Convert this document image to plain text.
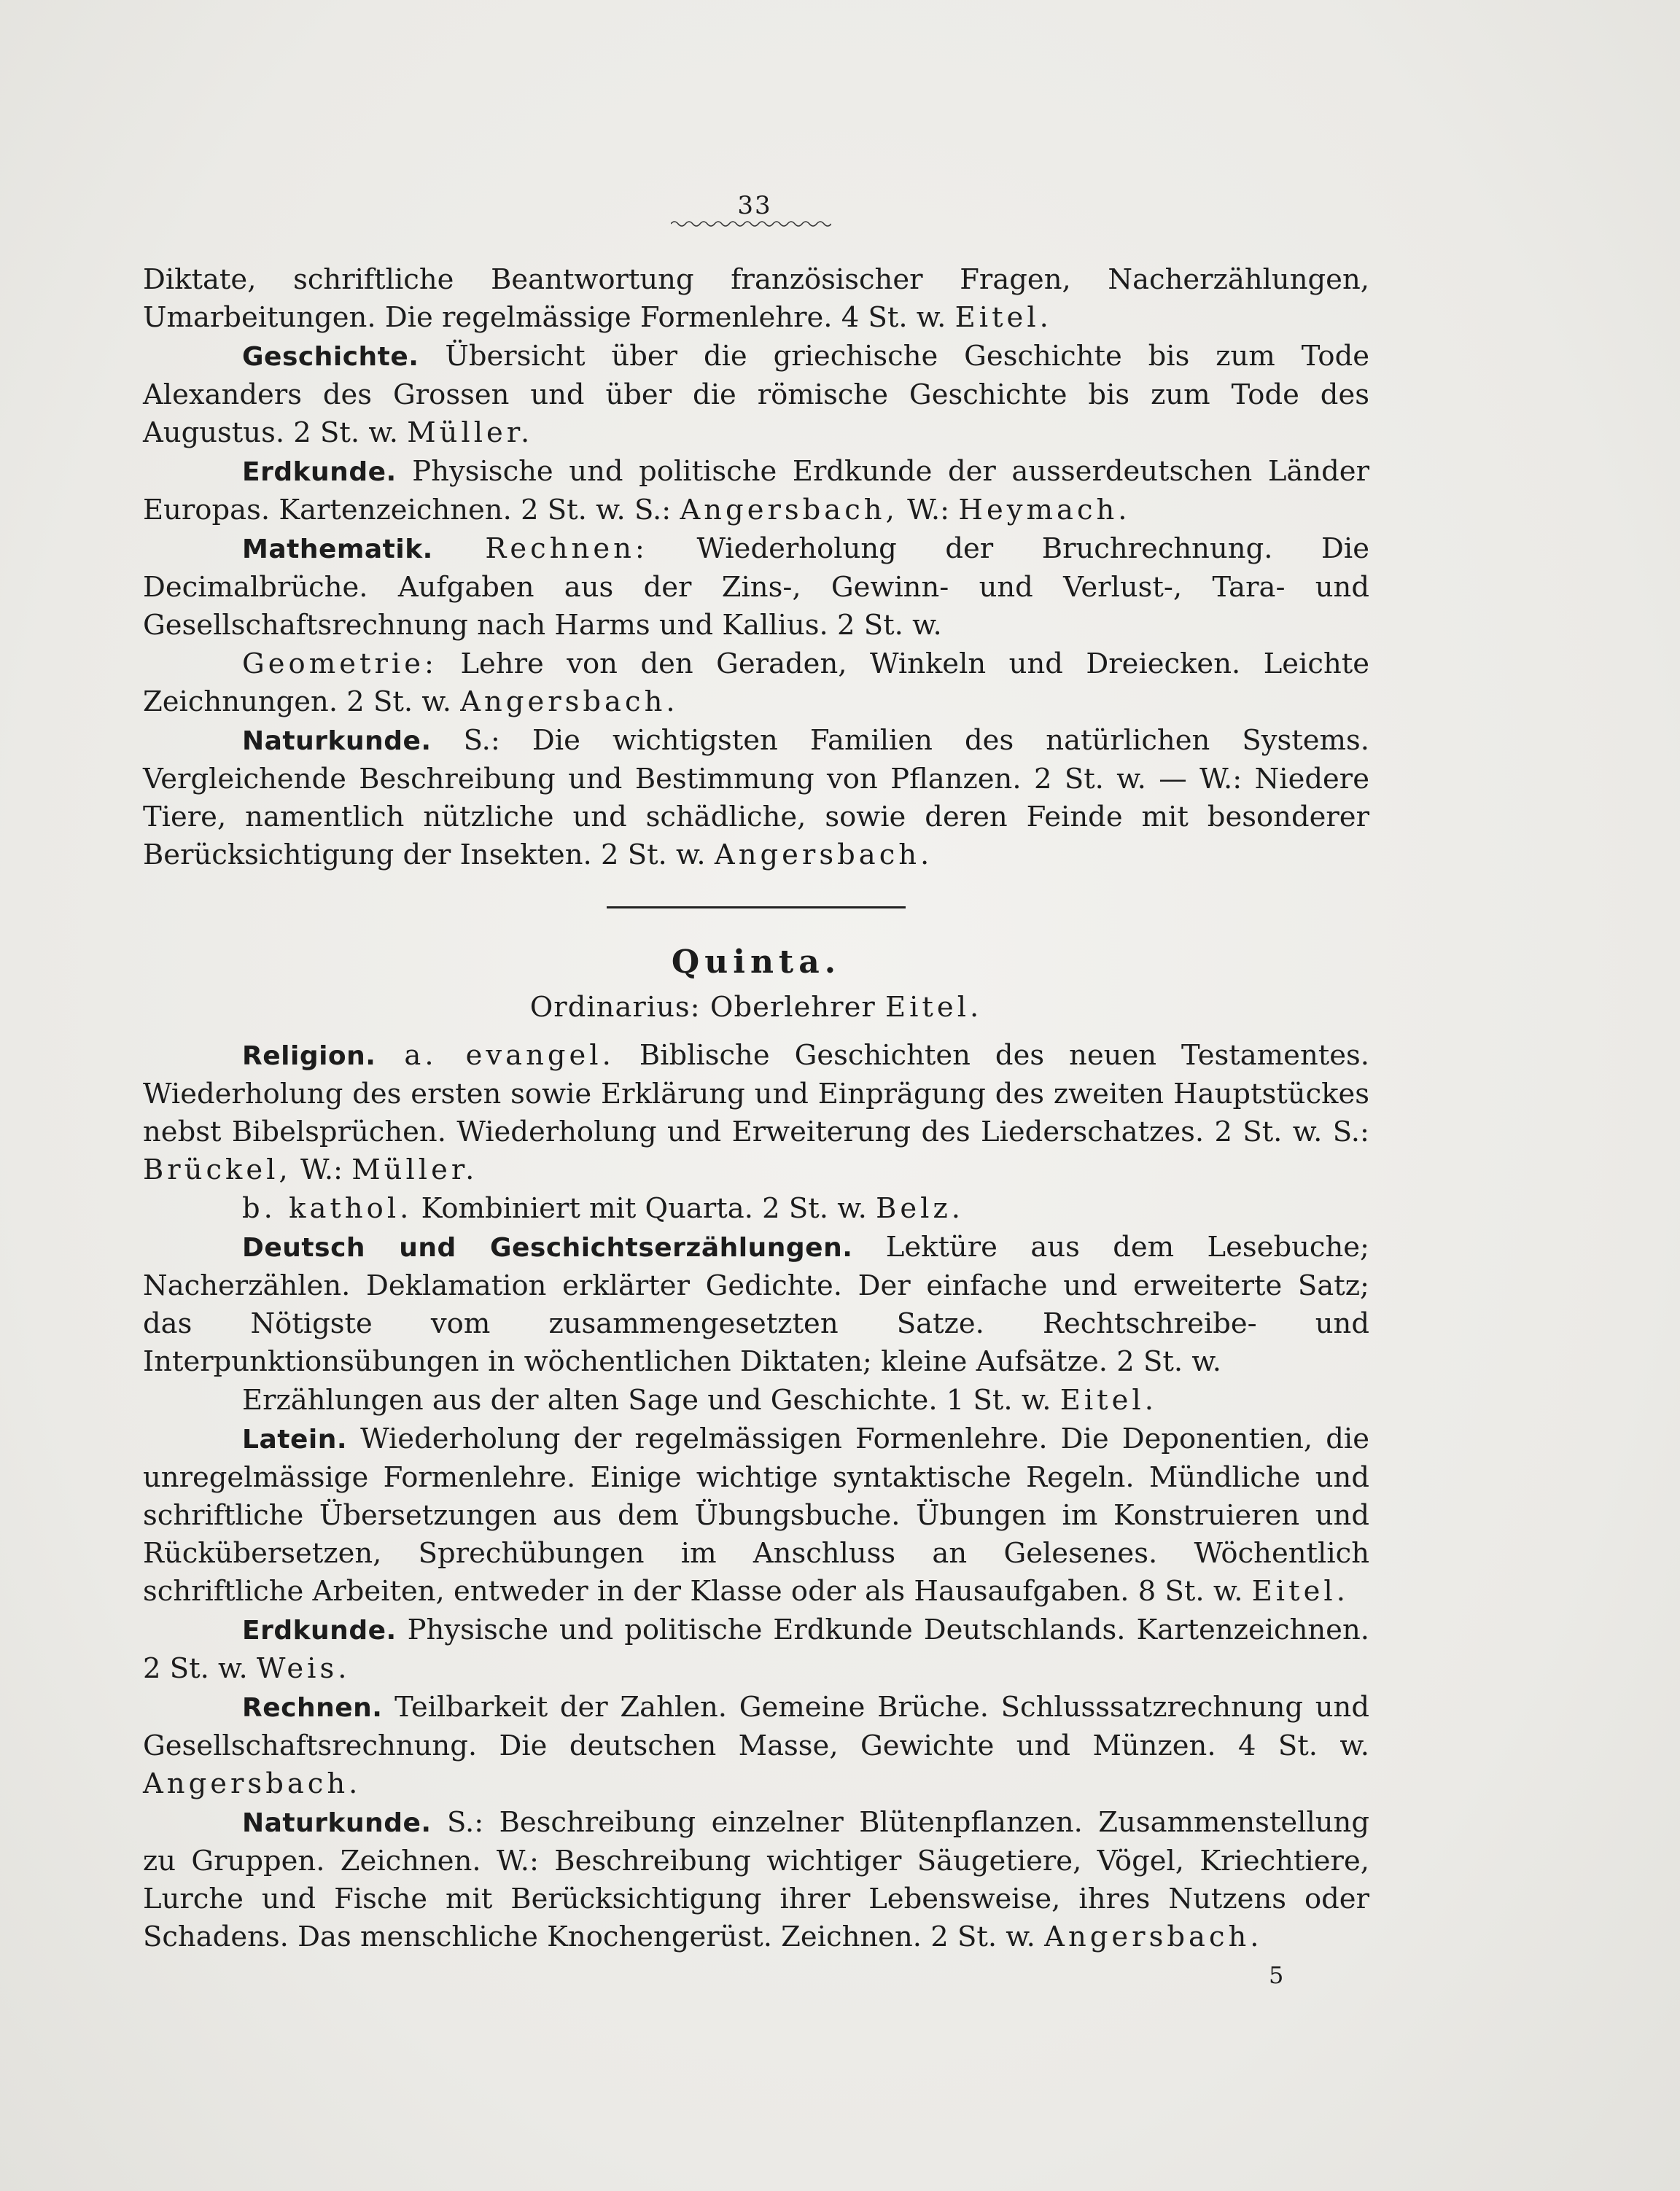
33

Diktate, schriftliche Beantwortung französischer Fragen, Nacherzählungen, Umarbeitungen. Die regelmässige Formenlehre. 4 St. w. Eitel.

Geschichte. Übersicht über die griechische Geschichte bis zum Tode Alexanders des Grossen und über die römische Geschichte bis zum Tode des Augustus. 2 St. w. Müller.

Erdkunde. Physische und politische Erdkunde der ausserdeutschen Länder Europas. Kartenzeichnen. 2 St. w. S.: Angersbach, W.: Heymach.

Mathematik. Rechnen: Wiederholung der Bruchrechnung. Die Decimalbrüche. Aufgaben aus der Zins-, Gewinn- und Verlust-, Tara- und Gesellschaftsrechnung nach Harms und Kallius. 2 St. w.

Geometrie: Lehre von den Geraden, Winkeln und Dreiecken. Leichte Zeichnungen. 2 St. w. Angersbach.

Naturkunde. S.: Die wichtigsten Familien des natürlichen Systems. Vergleichende Beschreibung und Bestimmung von Pflanzen. 2 St. w. — W.: Niedere Tiere, namentlich nützliche und schädliche, sowie deren Feinde mit besonderer Berücksichtigung der Insekten. 2 St. w. Angersbach.

Quinta.
Ordinarius: Oberlehrer Eitel.

Religion. a. evangel. Biblische Geschichten des neuen Testamentes. Wiederholung des ersten sowie Erklärung und Einprägung des zweiten Hauptstückes nebst Bibelsprüchen. Wiederholung und Erweiterung des Liederschatzes. 2 St. w. S.: Brückel, W.: Müller.

b. kathol. Kombiniert mit Quarta. 2 St. w. Belz.

Deutsch und Geschichtserzählungen. Lektüre aus dem Lesebuche; Nacherzählen. Deklamation erklärter Gedichte. Der einfache und erweiterte Satz; das Nötigste vom zusammengesetzten Satze. Rechtschreibe- und Interpunktionsübungen in wöchentlichen Diktaten; kleine Aufsätze. 2 St. w.

Erzählungen aus der alten Sage und Geschichte. 1 St. w. Eitel.

Latein. Wiederholung der regelmässigen Formenlehre. Die Deponentien, die unregelmässige Formenlehre. Einige wichtige syntaktische Regeln. Mündliche und schriftliche Übersetzungen aus dem Übungsbuche. Übungen im Konstruieren und Rückübersetzen, Sprechübungen im Anschluss an Gelesenes. Wöchentlich schriftliche Arbeiten, entweder in der Klasse oder als Hausaufgaben. 8 St. w. Eitel.

Erdkunde. Physische und politische Erdkunde Deutschlands. Kartenzeichnen. 2 St. w. Weis.

Rechnen. Teilbarkeit der Zahlen. Gemeine Brüche. Schlusssatzrechnung und Gesellschaftsrechnung. Die deutschen Masse, Gewichte und Münzen. 4 St. w. Angersbach.

Naturkunde. S.: Beschreibung einzelner Blütenpflanzen. Zusammenstellung zu Gruppen. Zeichnen. W.: Beschreibung wichtiger Säugetiere, Vögel, Kriechtiere, Lurche und Fische mit Berücksichtigung ihrer Lebensweise, ihres Nutzens oder Schadens. Das menschliche Knochengerüst. Zeichnen. 2 St. w. Angersbach.

5
